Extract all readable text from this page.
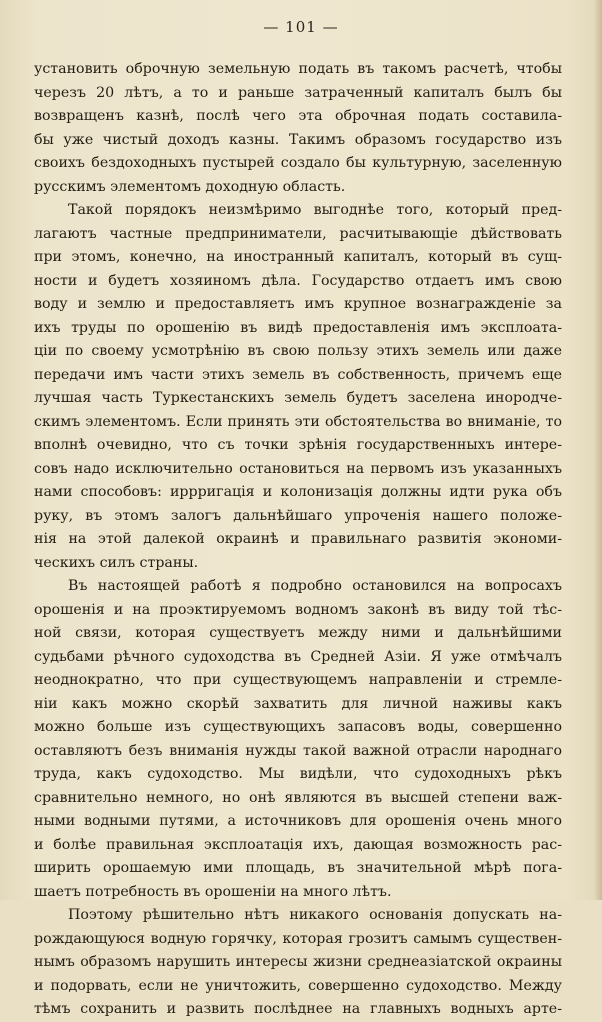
— 101 —
установить оброчную земельную подать въ такомъ расчетѣ, чтобы
черезъ 20 лѣтъ, а то и раньше затраченный капиталъ былъ бы
возвращенъ казнѣ, послѣ чего эта оброчная подать составила-
бы уже чистый доходъ казны. Такимъ образомъ государство изъ
своихъ бездоходныхъ пустырей создало бы культурную, заселенную
русскимъ элементомъ доходную область.
Такой порядокъ неизмѣримо выгоднѣе того, который пред-
лагаютъ частные предприниматели, расчитывающіе дѣйствовать
при этомъ, конечно, на иностранный капиталъ, который въ сущ-
ности и будетъ хозяиномъ дѣла. Государство отдаетъ имъ свою
воду и землю и предоставляетъ имъ крупное вознагражденіе за
ихъ труды по орошенію въ видѣ предоставленія имъ эксплоата-
ціи по своему усмотрѣнію въ свою пользу этихъ земель или даже
передачи имъ части этихъ земель въ собственность, причемъ еще
лучшая часть Туркестанскихъ земель будетъ заселена инородче-
скимъ элементомъ. Если принять эти обстоятельства во вниманіе, то
вполнѣ очевидно, что съ точки зрѣнія государственныхъ интере-
совъ надо исключительно остановиться на первомъ изъ указанныхъ
нами способовъ: иррригація и колонизація должны идти рука объ
руку, въ этомъ залогъ дальнѣйшаго упроченія нашего положе-
нія на этой далекой окраинѣ и правильнаго развитія экономи-
ческихъ силъ страны.
Въ настоящей работѣ я подробно остановился на вопросахъ
орошенія и на проэктируемомъ водномъ законѣ въ виду той тѣс-
ной связи, которая существуетъ между ними и дальнѣйшими
судьбами рѣчного судоходства въ Средней Азіи. Я уже отмѣчалъ
неоднократно, что при существующемъ направленіи и стремле-
ніи какъ можно скорѣй захватить для личной наживы какъ
можно больше изъ существующихъ запасовъ воды, совершенно
оставляютъ безъ вниманія нужды такой важной отрасли народнаго
труда, какъ судоходство. Мы видѣли, что судоходныхъ рѣкъ
сравнительно немного, но онѣ являются въ высшей степени важ-
ными водными путями, а источниковъ для орошенія очень много
и болѣе правильная эксплоатація ихъ, дающая возможность рас-
ширить орошаемую ими площадь, въ значительной мѣрѣ пога-
шаетъ потребность въ орошеніи на много лѣтъ.
Поэтому рѣшительно нѣтъ никакого основанія допускать на-
рождающуюся водную горячку, которая грозитъ самымъ существен-
нымъ образомъ нарушить интересы жизни среднеазіатской окраины
и подорвать, если не уничтожить, совершенно судоходство. Между
тѣмъ сохранить и развить послѣднее на главныхъ водныхъ арте-
